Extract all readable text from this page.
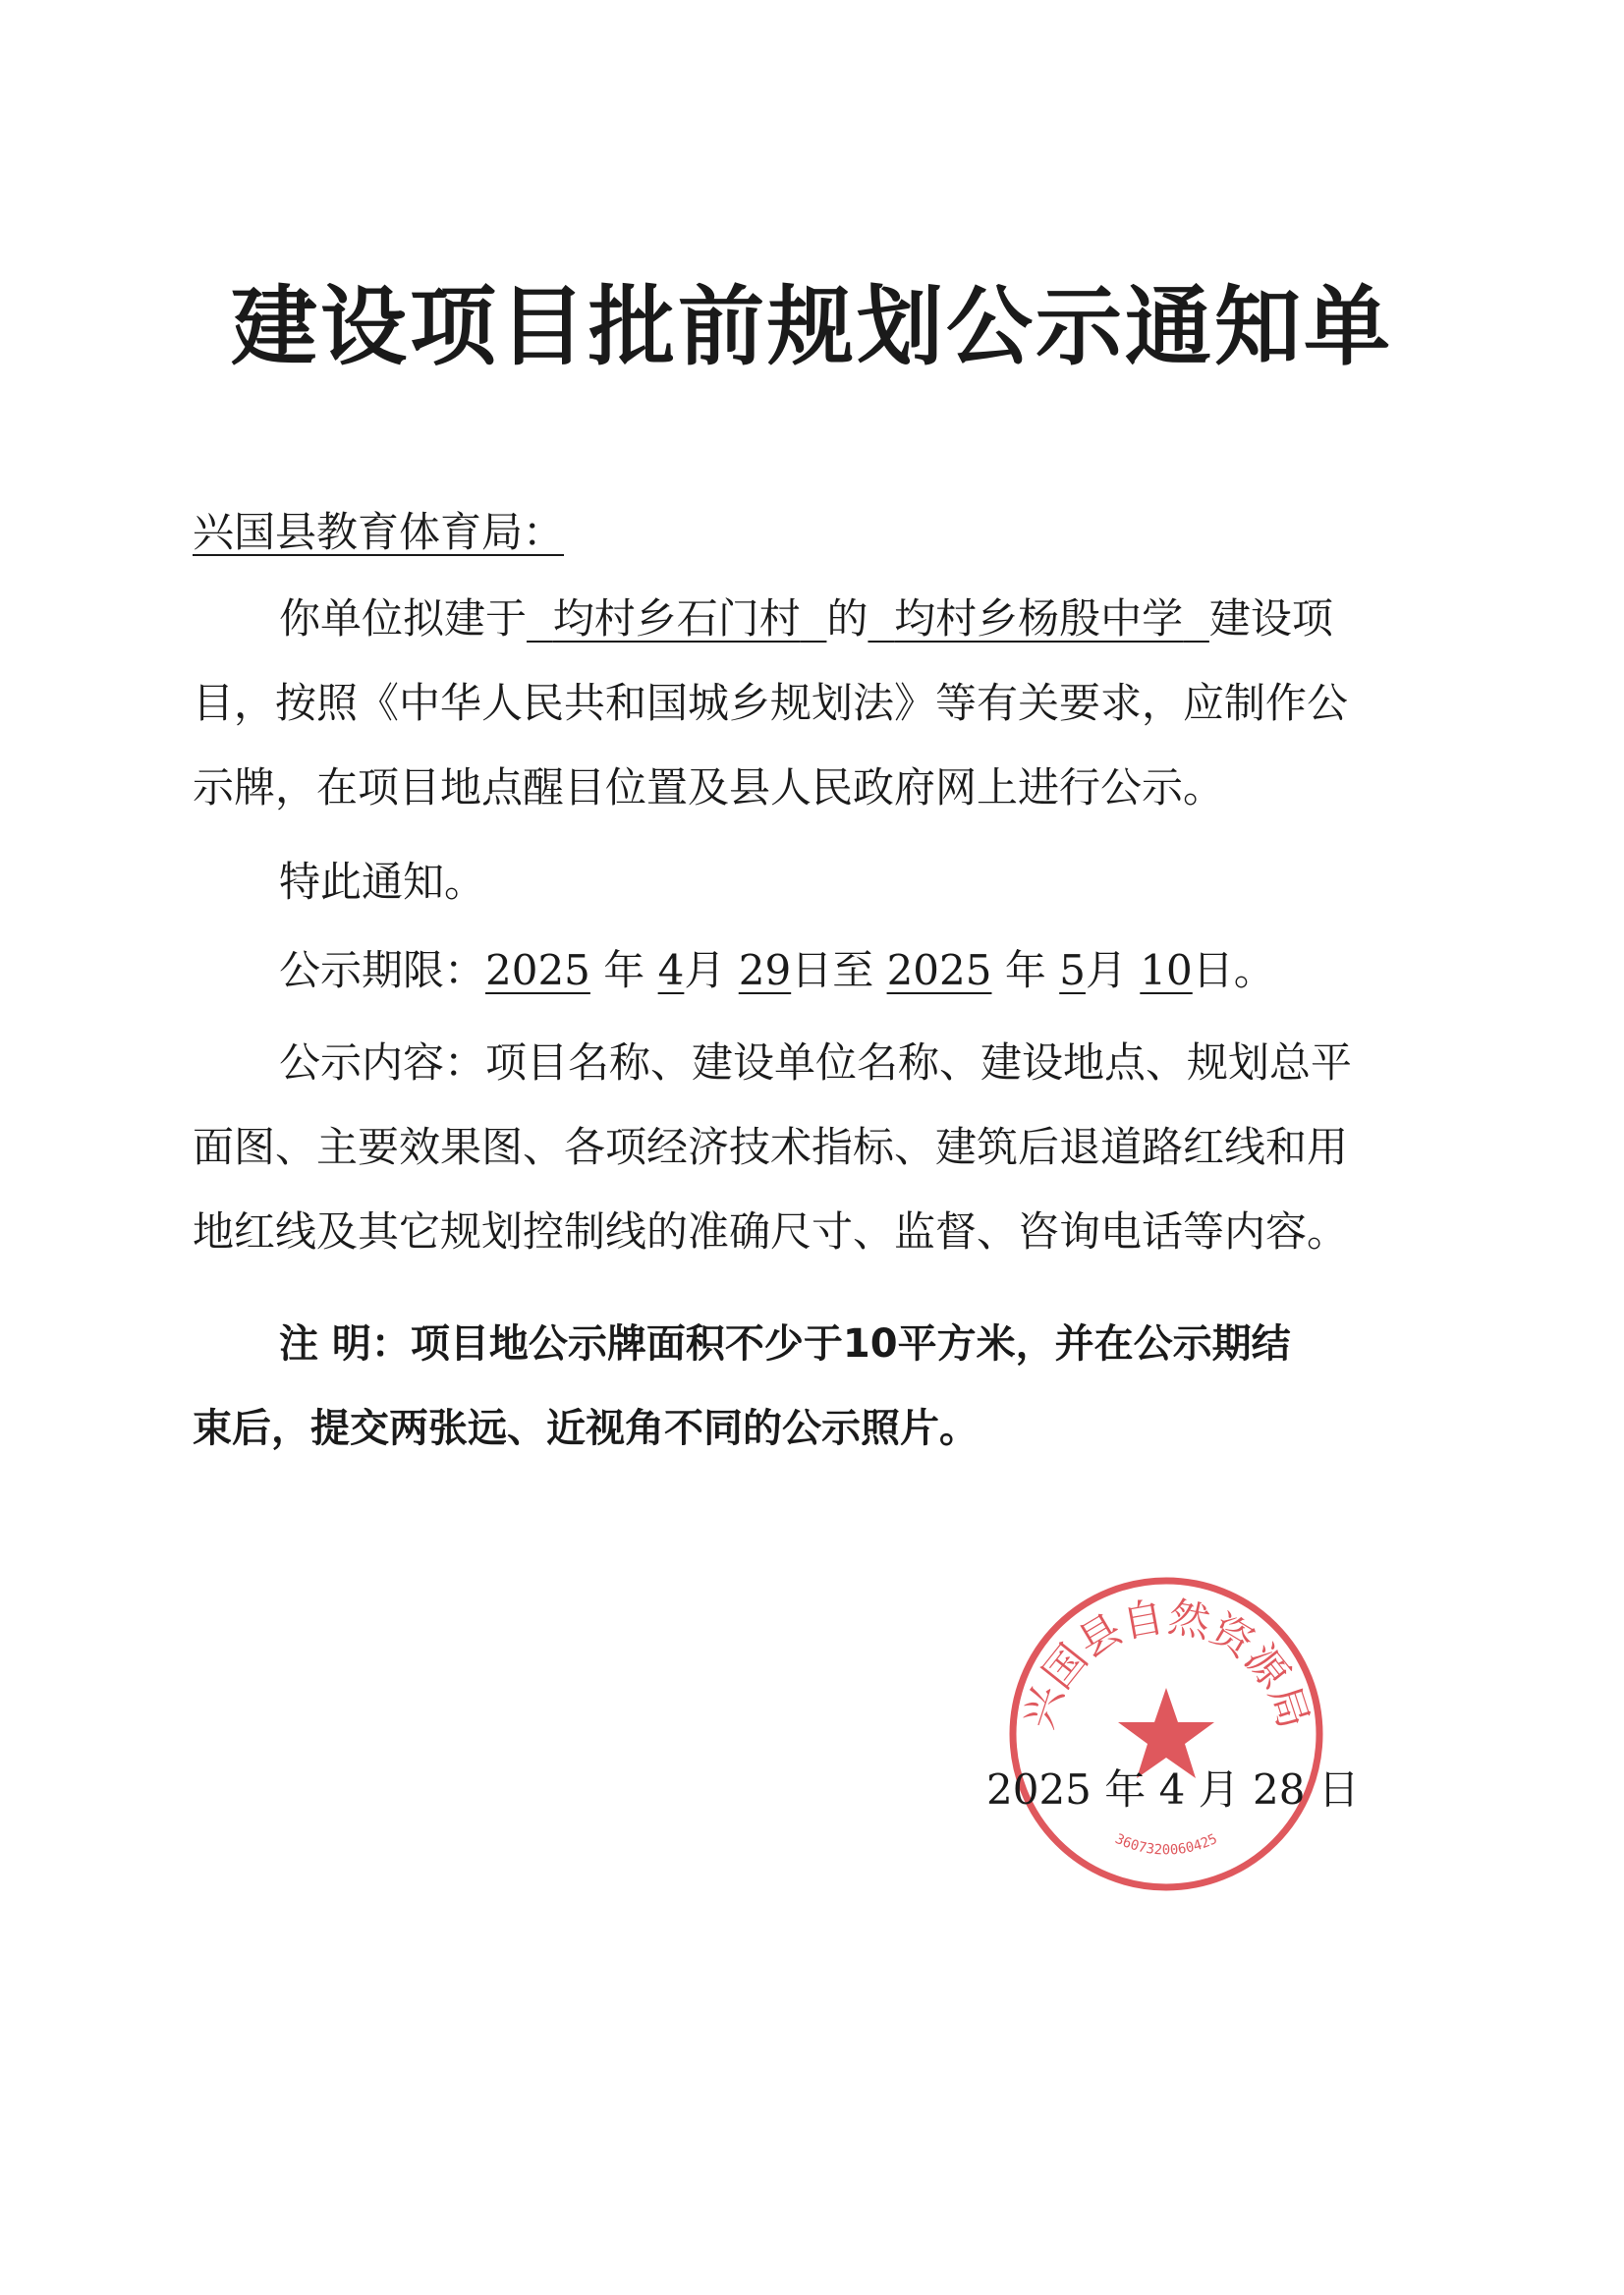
建设项目批前规划公示通知单
兴国县教育体育局：
你单位拟建于 均村乡石门村 的 均村乡杨殷中学 建设项
目，按照《中华人民共和国城乡规划法》等有关要求，应制作公
示牌，在项目地点醒目位置及县人民政府网上进行公示。
特此通知。
公示期限：2025 年 4月 29日至 2025 年 5月 10日。
公示内容：项目名称、建设单位名称、建设地点、规划总平
面图、主要效果图、各项经济技术指标、建筑后退道路红线和用
地红线及其它规划控制线的准确尺寸、监督、咨询电话等内容。
注 明：项目地公示牌面积不少于10平方米，并在公示期结
束后，提交两张远、近视角不同的公示照片。
兴国县自然资源局
3607320060425
2025 年 4 月 28 日
